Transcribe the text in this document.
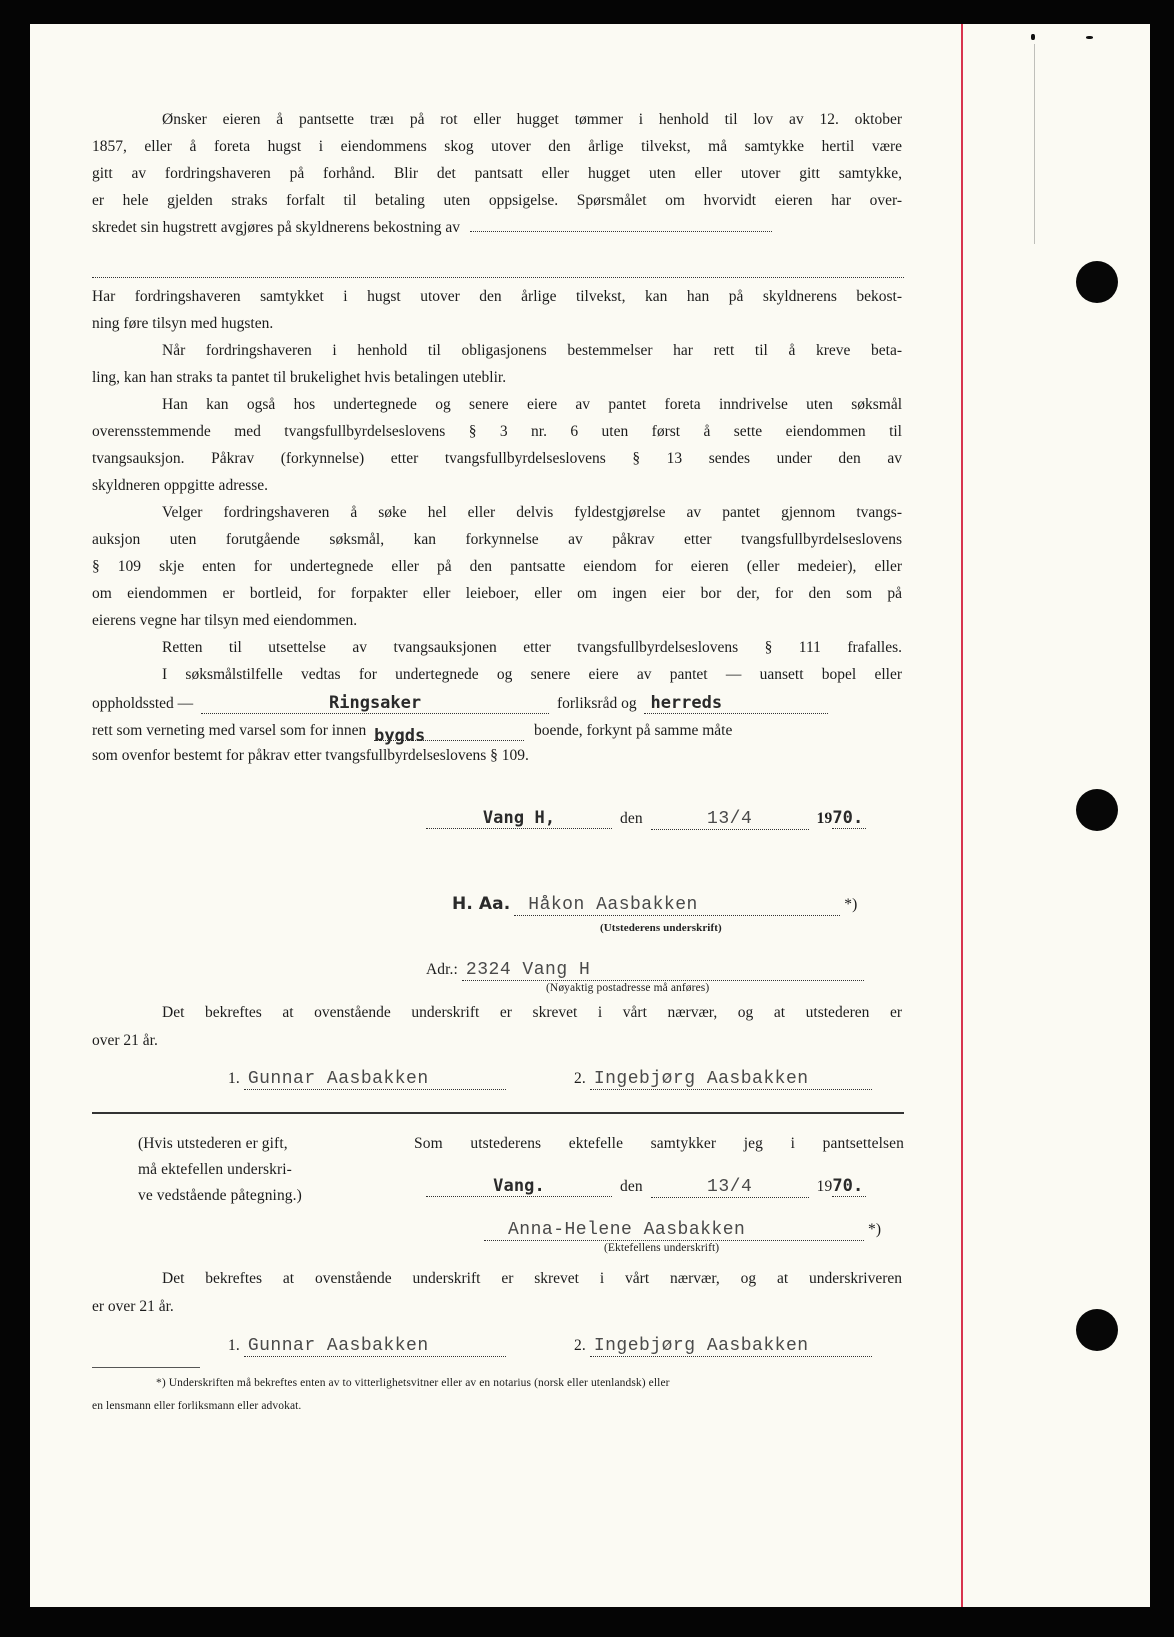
Ønsker eieren å pantsette træı på rot eller hugget tømmer i henhold til lov av 12. oktober
1857, eller å foreta hugst i eiendommens skog utover den årlige tilvekst, må samtykke hertil være
gitt av fordringshaveren på forhånd. Blir det pantsatt eller hugget uten eller utover gitt samtykke,
er hele gjelden straks forfalt til betaling uten oppsigelse. Spørsmålet om hvorvidt eieren har over-
skredet sin hugstrett avgjøres på skyldnerens bekostning av
Har fordringshaveren samtykket i hugst utover den årlige tilvekst, kan han på skyldnerens bekost-
ning føre tilsyn med hugsten.
Når fordringshaveren i henhold til obligasjonens bestemmelser har rett til å kreve beta-
ling, kan han straks ta pantet til brukelighet hvis betalingen uteblir.
Han kan også hos undertegnede og senere eiere av pantet foreta inndrivelse uten søksmål
overensstemmende med tvangsfullbyrdelseslovens § 3 nr. 6 uten først å sette eiendommen til
tvangsauksjon. Påkrav (forkynnelse) etter tvangsfullbyrdelseslovens § 13 sendes under den av
skyldneren oppgitte adresse.
Velger fordringshaveren å søke hel eller delvis fyldestgjørelse av pantet gjennom tvangs-
auksjon uten forutgående søksmål, kan forkynnelse av påkrav etter tvangsfullbyrdelseslovens
§ 109 skje enten for undertegnede eller på den pantsatte eiendom for eieren (eller medeier), eller
om eiendommen er bortleid, for forpakter eller leieboer, eller om ingen eier bor der, for den som på
eierens vegne har tilsyn med eiendommen.
Retten til utsettelse av tvangsauksjonen etter tvangsfullbyrdelseslovens § 111 frafalles.
I søksmålstilfelle vedtas for undertegnede og senere eiere av pantet — uansett bopel eller
oppholdssted —	Ringsaker	forliksråd og herreds
rett som verneting med varsel som for innen bygds	boende, forkynt på samme måte
som ovenfor bestemt for påkrav etter tvangsfullbyrdelseslovens § 109.
Vang H,	den	13/4	1970.
H. Aa. Håkon Aasbakken	*)
(Utstederens underskrift)
Adr.: 2324 Vang H
(Nøyaktig postadresse må anføres)
Det bekreftes at ovenstående underskrift er skrevet i vårt nærvær, og at utstederen er
over 21 år.
1. Gunnar Aasbakken	2. Ingebjørg Aasbakken
(Hvis utstederen er gift,
må ektefellen underskri-
ve vedstående påtegning.)
Som utstederens ektefelle samtykker jeg i pantsettelsen
Vang.	den	13/4	1970.
Anna-Helene Aasbakken	*)
(Ektefellens underskrift)
Det bekreftes at ovenstående underskrift er skrevet i vårt nærvær, og at underskriveren
er over 21 år.
1. Gunnar Aasbakken	2. Ingebjørg Aasbakken
*) Underskriften må bekreftes enten av to vitterlighetsvitner eller av en notarius (norsk eller utenlandsk) eller
en lensmann eller forliksmann eller advokat.
